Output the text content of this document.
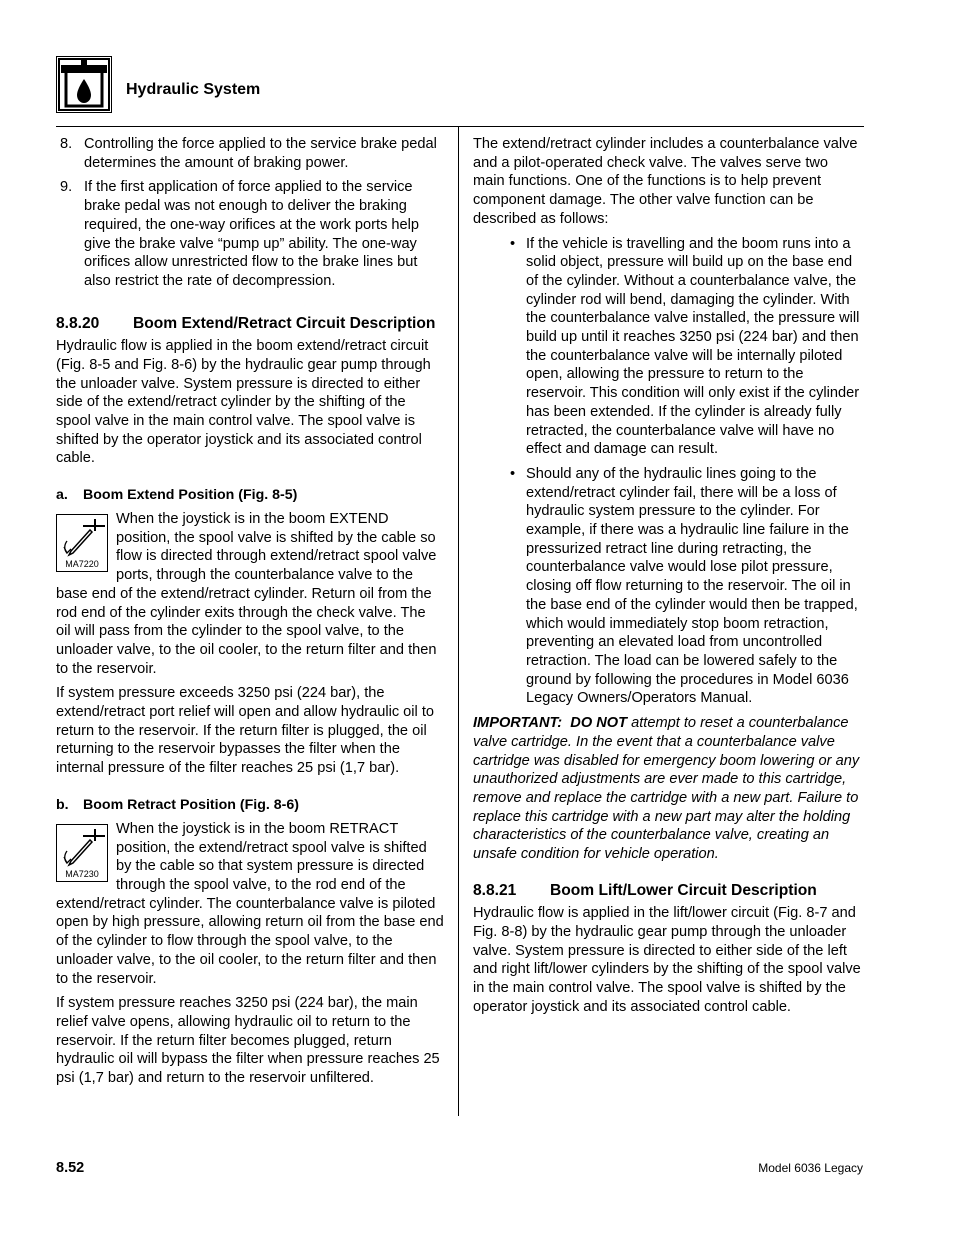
Hydraulic System
8. Controlling the force applied to the service brake pedal determines the amount of braking power.
9. If the first application of force applied to the service brake pedal was not enough to deliver the braking required, the one-way orifices at the work ports help give the brake valve “pump up” ability. The one-way orifices allow unrestricted flow to the brake lines but also restrict the rate of decompression.
8.8.20	Boom Extend/Retract Circuit Description

Hydraulic flow is applied in the boom extend/retract circuit (Fig. 8-5 and Fig. 8-6) by the hydraulic gear pump through the unloader valve. System pressure is directed to either side of the extend/retract cylinder by the shifting of the spool valve in the main control valve. The spool valve is shifted by the operator joystick and its associated control cable.

a. Boom Extend Position (Fig. 8-5)
MA7220
When the joystick is in the boom EXTEND position, the spool valve is shifted by the cable so flow is directed through extend/retract spool valve ports, through the counterbalance valve to the base end of the extend/retract cylinder. Return oil from the rod end of the cylinder exits through the check valve. The oil will pass from the cylinder to the spool valve, to the unloader valve, to the oil cooler, to the return filter and then to the reservoir.

If system pressure exceeds 3250 psi (224 bar), the extend/retract port relief will open and allow hydraulic oil to return to the reservoir. If the return filter is plugged, the oil returning to the reservoir bypasses the filter when the internal pressure of the filter reaches 25 psi (1,7 bar).

b. Boom Retract Position (Fig. 8-6)
MA7230
When the joystick is in the boom RETRACT position, the extend/retract spool valve is shifted by the cable so that system pressure is directed through the spool valve, to the rod end of the extend/retract cylinder. The counterbalance valve is piloted open by high pressure, allowing return oil from the base end of the cylinder to flow through the spool valve, to the unloader valve, to the oil cooler, to the return filter and then to the reservoir.

If system pressure reaches 3250 psi (224 bar), the main relief valve opens, allowing hydraulic oil to return to the reservoir. If the return filter becomes plugged, return hydraulic oil will bypass the filter when pressure reaches 25 psi (1,7 bar) and return to the reservoir unfiltered.

The extend/retract cylinder includes a counterbalance valve and a pilot-operated check valve. The valves serve two main functions. One of the functions is to help prevent component damage. The other valve function can be described as follows:

• If the vehicle is travelling and the boom runs into a solid object, pressure will build up on the base end of the cylinder. Without a counterbalance valve, the cylinder rod will bend, damaging the cylinder. With the counterbalance valve installed, the pressure will build up until it reaches 3250 psi (224 bar) and then the counterbalance valve will be internally piloted open, allowing the pressure to return to the reservoir. This condition will only exist if the cylinder has been extended. If the cylinder is already fully retracted, the counterbalance valve will have no effect and damage can result.
• Should any of the hydraulic lines going to the extend/retract cylinder fail, there will be a loss of hydraulic system pressure to the cylinder. For example, if there was a hydraulic line failure in the pressurized retract line during retracting, the counterbalance valve would lose pilot pressure, closing off flow returning to the reservoir. The oil in the base end of the cylinder would then be trapped, which would immediately stop boom retraction, preventing an elevated load from uncontrolled retraction. The load can be lowered safely to the ground by following the procedures in Model 6036 Legacy Owners/Operators Manual.

IMPORTANT: DO NOT attempt to reset a counterbalance valve cartridge. In the event that a counterbalance valve cartridge was disabled for emergency boom lowering or any unauthorized adjustments are ever made to this cartridge, remove and replace the cartridge with a new part. Failure to replace this cartridge with a new part may alter the holding characteristics of the counterbalance valve, creating an unsafe condition for vehicle operation.

8.8.21	Boom Lift/Lower Circuit Description

Hydraulic flow is applied in the lift/lower circuit (Fig. 8-7 and Fig. 8-8) by the hydraulic gear pump through the unloader valve. System pressure is directed to either side of the left and right lift/lower cylinders by the shifting of the spool valve in the main control valve. The spool valve is shifted by the operator joystick and its associated control cable.

8.52	Model 6036 Legacy
